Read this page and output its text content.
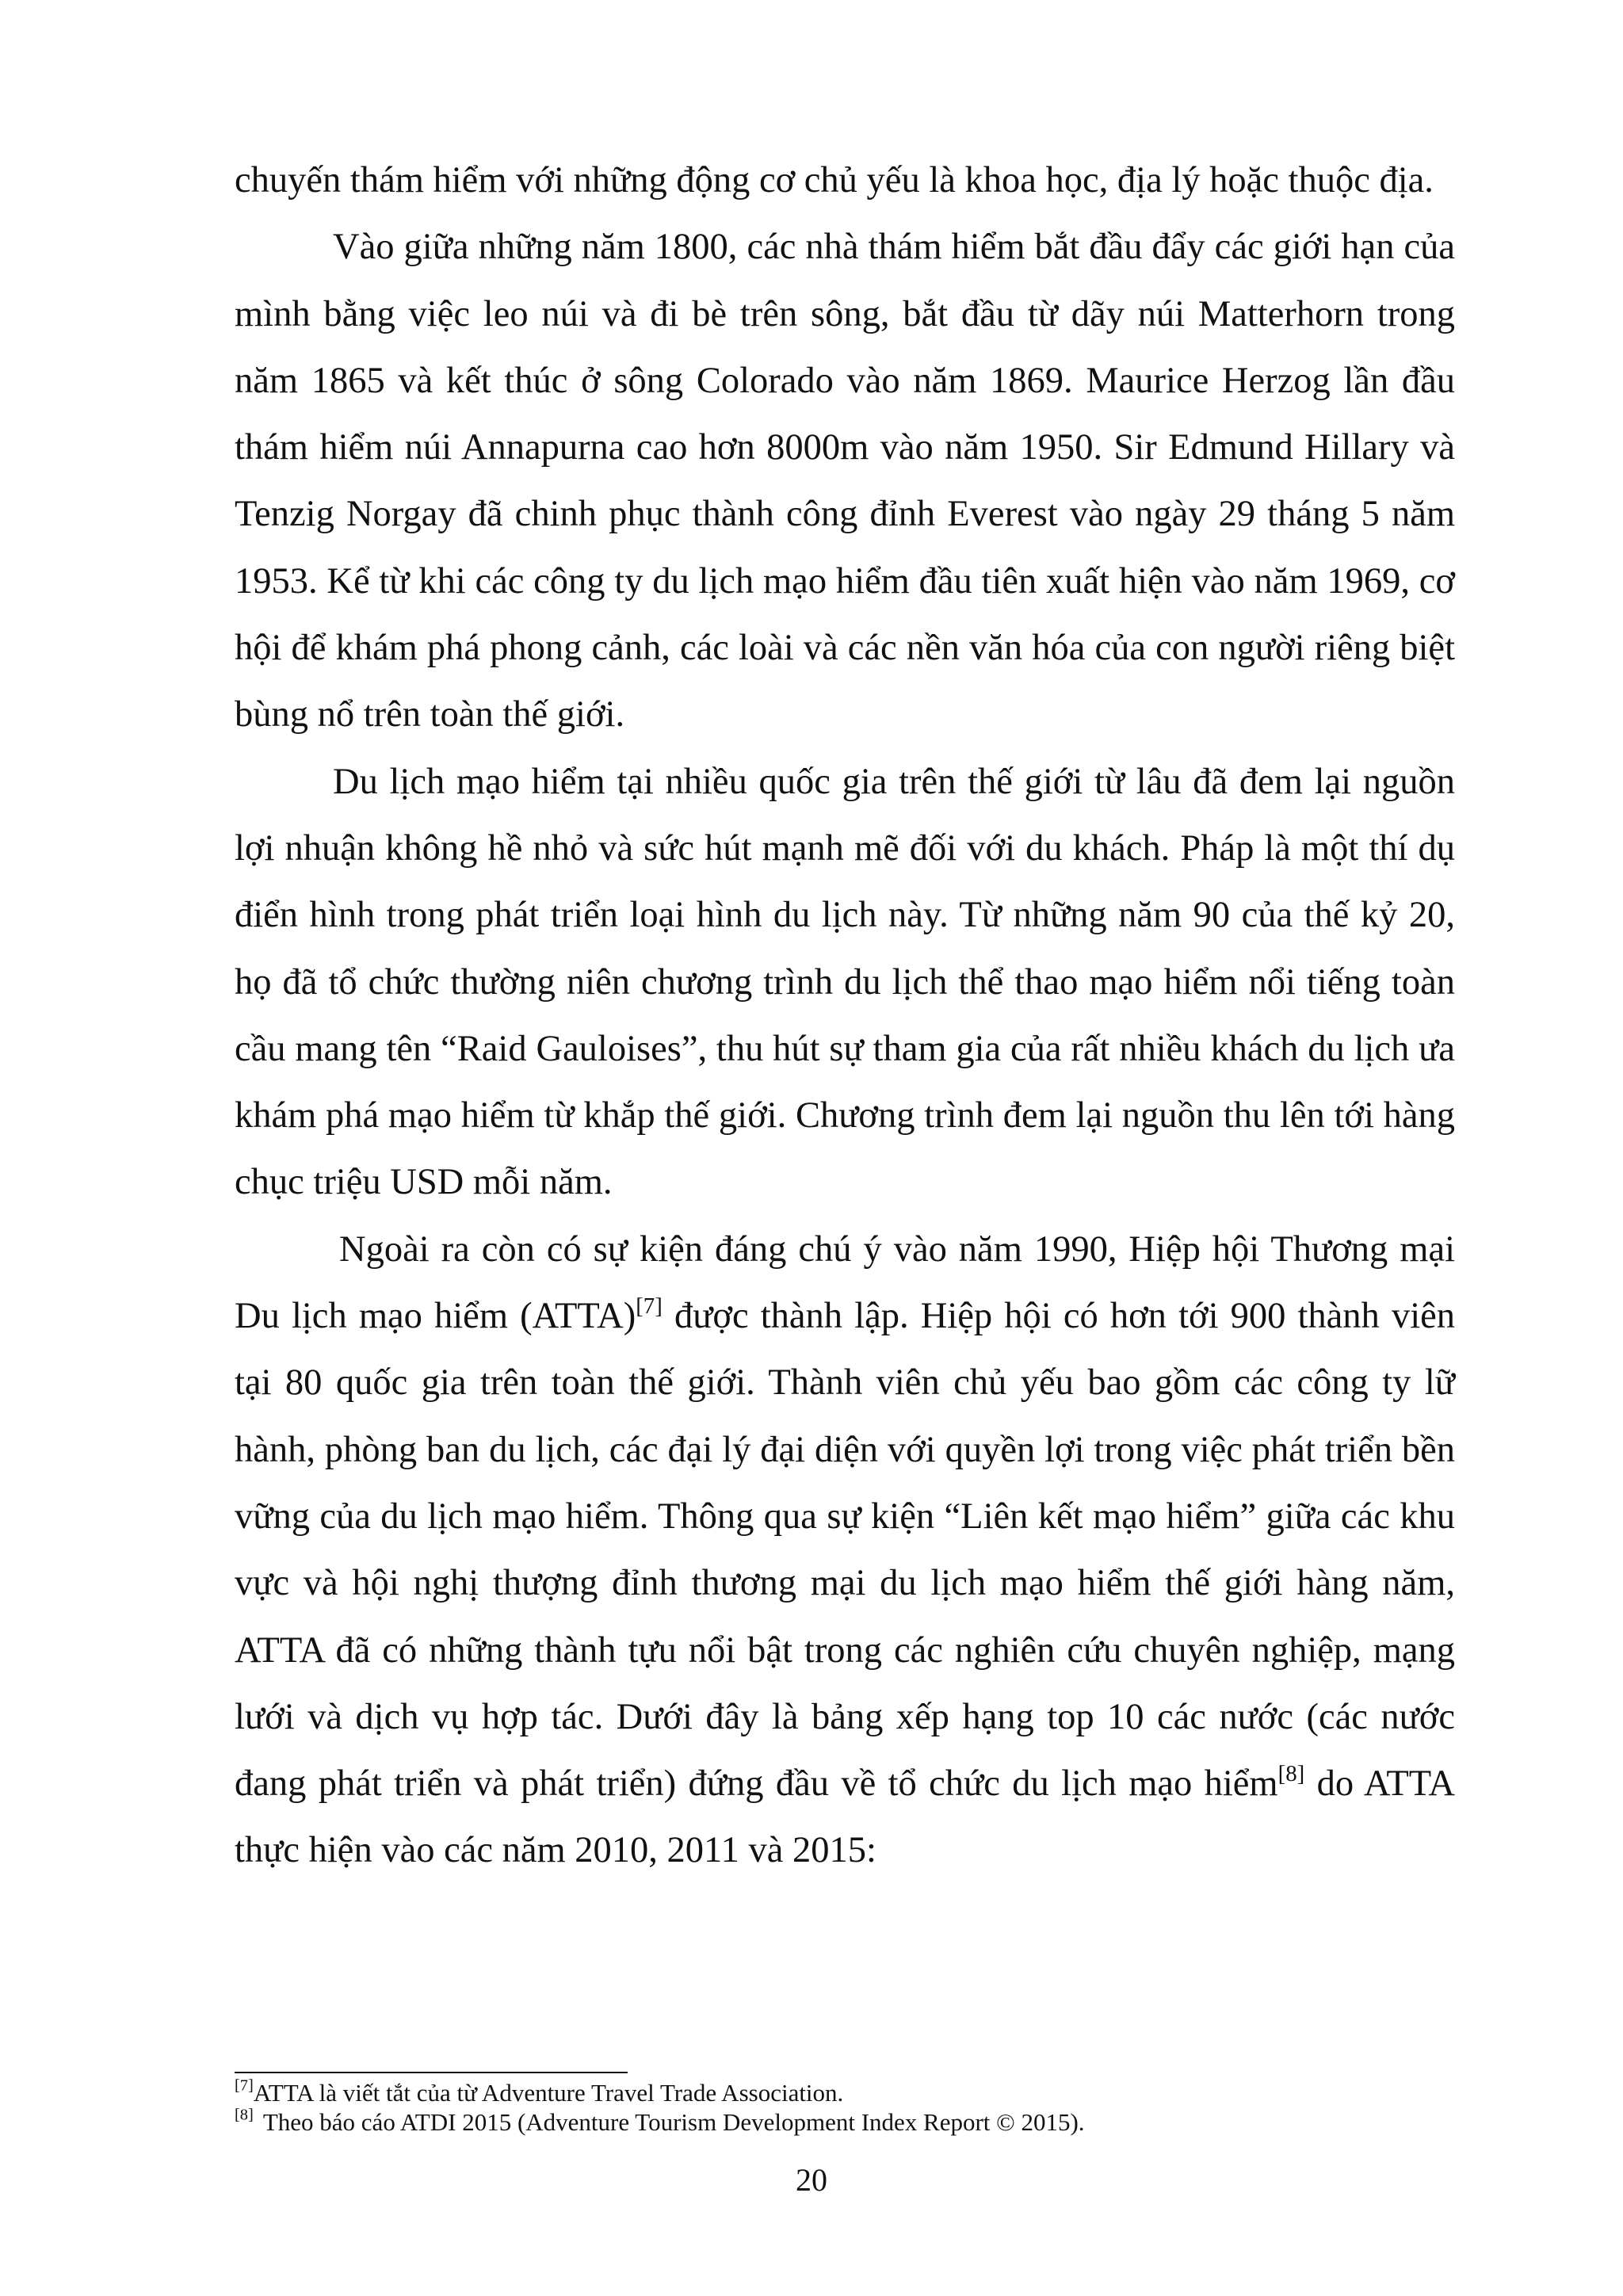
chuyến thám hiểm với những động cơ chủ yếu là khoa học, địa lý hoặc thuộc địa.

Vào giữa những năm 1800, các nhà thám hiểm bắt đầu đẩy các giới hạn của mình bằng việc leo núi và đi bè trên sông, bắt đầu từ dãy núi Matterhorn trong năm 1865 và kết thúc ở sông Colorado vào năm 1869. Maurice Herzog lần đầu thám hiểm núi Annapurna cao hơn 8000m vào năm 1950. Sir Edmund Hillary và Tenzig Norgay đã chinh phục thành công đỉnh Everest vào ngày 29 tháng 5 năm 1953. Kể từ khi các công ty du lịch mạo hiểm đầu tiên xuất hiện vào năm 1969, cơ hội để khám phá phong cảnh, các loài và các nền văn hóa của con người riêng biệt bùng nổ trên toàn thế giới.

Du lịch mạo hiểm tại nhiều quốc gia trên thế giới từ lâu đã đem lại nguồn lợi nhuận không hề nhỏ và sức hút mạnh mẽ đối với du khách. Pháp là một thí dụ điển hình trong phát triển loại hình du lịch này. Từ những năm 90 của thế kỷ 20, họ đã tổ chức thường niên chương trình du lịch thể thao mạo hiểm nổi tiếng toàn cầu mang tên “Raid Gauloises”, thu hút sự tham gia của rất nhiều khách du lịch ưa khám phá mạo hiểm từ khắp thế giới. Chương trình đem lại nguồn thu lên tới hàng chục triệu USD mỗi năm.

Ngoài ra còn có sự kiện đáng chú ý vào năm 1990, Hiệp hội Thương mại Du lịch mạo hiểm (ATTA)[7] được thành lập. Hiệp hội có hơn tới 900 thành viên tại 80 quốc gia trên toàn thế giới. Thành viên chủ yếu bao gồm các công ty lữ hành, phòng ban du lịch, các đại lý đại diện với quyền lợi trong việc phát triển bền vững của du lịch mạo hiểm. Thông qua sự kiện “Liên kết mạo hiểm” giữa các khu vực và hội nghị thượng đỉnh thương mại du lịch mạo hiểm thế giới hàng năm, ATTA đã có những thành tựu nổi bật trong các nghiên cứu chuyên nghiệp, mạng lưới và dịch vụ hợp tác. Dưới đây là bảng xếp hạng top 10 các nước (các nước đang phát triển và phát triển) đứng đầu về tổ chức du lịch mạo hiểm[8] do ATTA thực hiện vào các năm 2010, 2011 và 2015:

[7]ATTA là viết tắt của từ Adventure Travel Trade Association.

[8] Theo báo cáo ATDI 2015 (Adventure Tourism Development Index Report © 2015).

20
